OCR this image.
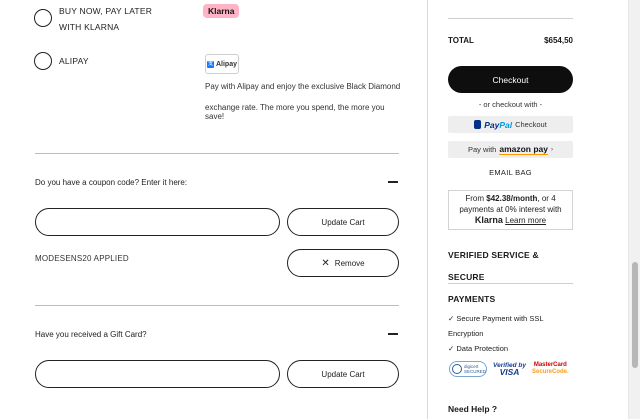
BUY NOW, PAY LATER
WITH KLARNA
Klarna
ALIPAY	支 Alipay
Pay with Alipay and enjoy the exclusive Black Diamond
exchange rate. The more you spend, the more you save!
Do you have a coupon code? Enter it here:
Update Cart
MODESENS20 APPLIED	✕ Remove
Have you received a Gift Card?
Update Cart
TOTAL	$654,50
Checkout
- or checkout with -
PayPal Checkout
Pay with amazon pay ›
EMAIL BAG
From $42.38/month, or 4
payments at 0% interest with
Klarna Learn more
VERIFIED SERVICE & SECURE
PAYMENTS
✓ Secure Payment with SSL
Encryption
✓ Data Protection
digicert
SECURED
Verified by
VISA
MasterCard
SecureCode.
Need Help ?
